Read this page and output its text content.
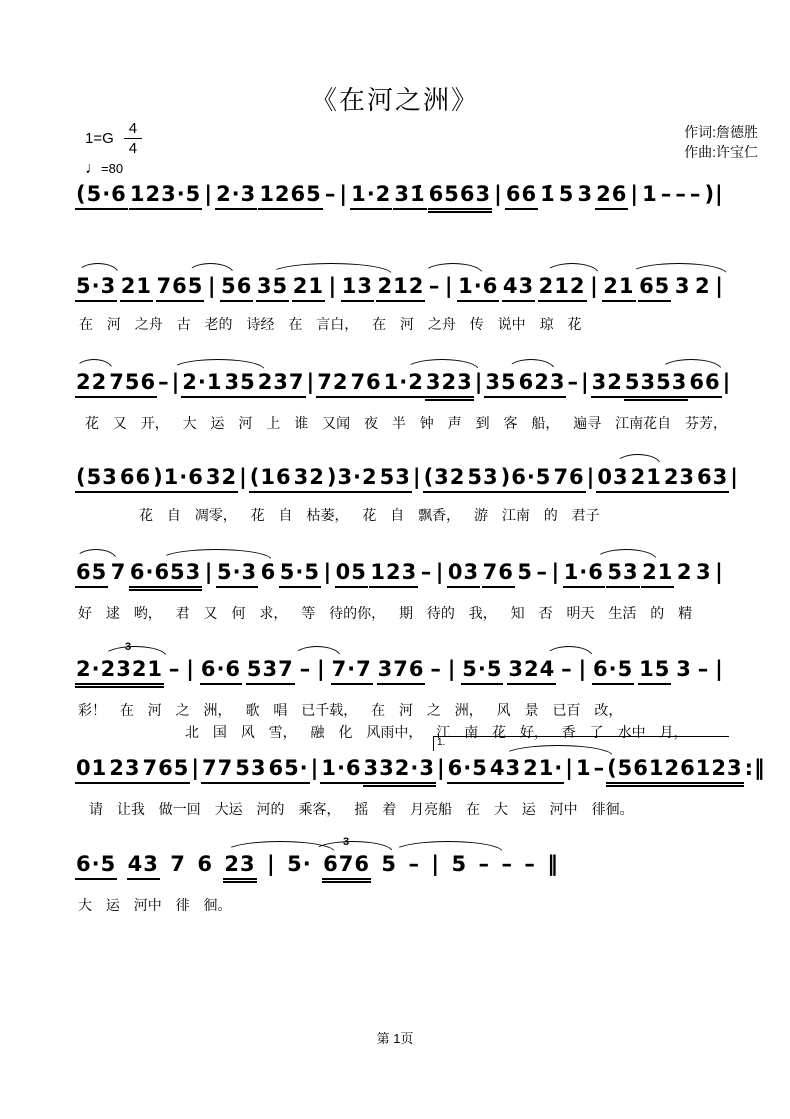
《在河之洲》
$1=G \frac{4}{4}$
♩=80
作词:詹德胜
作曲:许宝仁
(5·6 123·5 | 2·3 1265 – | 1·2 31̇ 6563 | 66 1̇ 5 3 26 | 1 – – – )|
5·3 21 765 | 56 35 21 | 13 212 – | 1·6 43 212 | 21 65 3 2 |
在 河 之舟 古 老的 诗经 在 言白， 在 河 之舟 传 说中 琼 花
22 756 – | 2·1 35 237 | 72 76 1·2 323 | 35 623 – | 32 5353 66 |
花 又 开， 大 运 河 上 谁 又闻 夜 半 钟 声 到 客 船， 遍寻 江南花自 芬芳，
(53 66 )1·6 32 | (16 32 )3·2 53 | (32 53 )6·5 76 | 03 21 23 63 |
花 自 凋零， 花 自 枯萎， 花 自 飘香， 游 江南 的 君子
65 7 6·653 | 5·3 6 5·5 | 05 123 – | 03 76 5 – | 1·6 53 21 2 3 |
好 逑 哟， 君 又 何 求， 等 待的你， 期 待的 我， 知 否 明天 生活 的 精
3
2·2321 – | 6·6 537 – | 7·7 376 – | 5·5 324 – | 6·5 15 3 – |
彩！ 在 河 之 洲， 歌 唱 已千载， 在 河 之 洲， 风 景 已百 改，
北 国 风 雪， 融 化 风雨中， 江 南 花 好， 香 了 水中 月，
1.
01 23 765 | 77 53 65· | 1·6 332·3 | 6·5 43 21· | 1 – (56126123 :‖
请 让我 做一回 大运 河的 乘客， 摇 着 月亮船 在 大 运 河中 徘徊。
3
6·5 43 7 6 23 | 5· 676 5 – | 5 – – – ‖
大 运 河中 徘 徊。
第 1页
